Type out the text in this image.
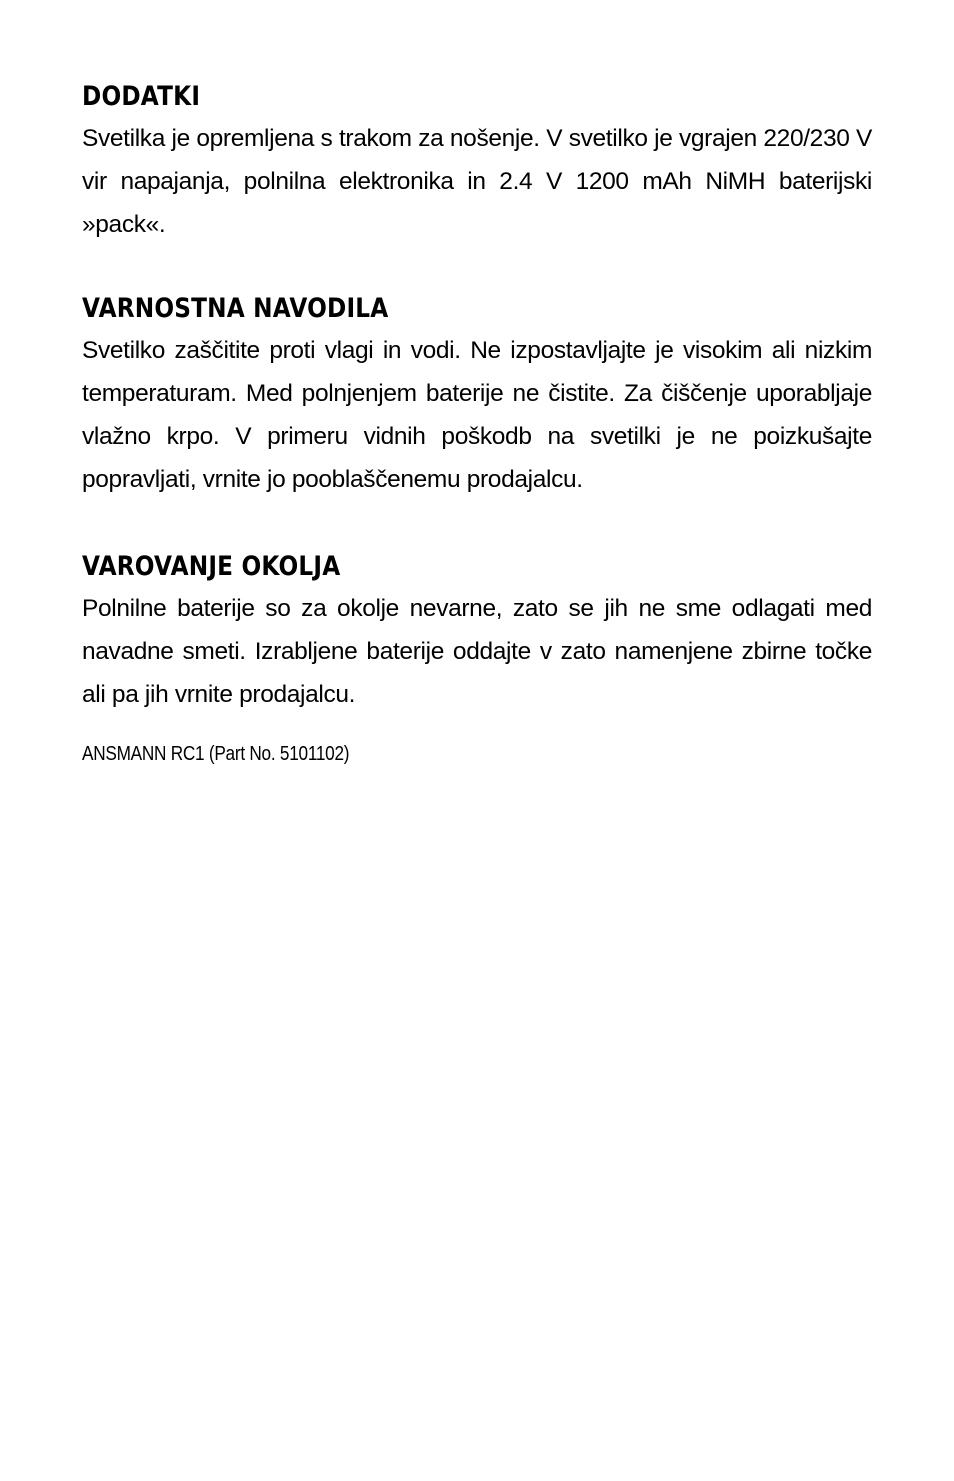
DODATKI

Svetilka je opremljena s trakom za nošenje. V svetilko je vgrajen 220/230 V vir napajanja, polnilna elektronika in 2.4 V 1200 mAh NiMH baterijski »pack«.

VARNOSTNA NAVODILA

Svetilko zaščitite proti vlagi in vodi. Ne izpostavljajte je visokim ali nizkim temperaturam. Med polnjenjem baterije ne čistite. Za čiščenje uporabljaje vlažno krpo. V primeru vidnih poškodb na svetilki je ne poizkušajte popravljati, vrnite jo pooblaščenemu prodajalcu.

VAROVANJE OKOLJA

Polnilne baterije so za okolje nevarne, zato se jih ne sme odlagati med navadne smeti. Izrabljene baterije oddajte v zato namenjene zbirne točke ali pa jih vrnite prodajalcu.

ANSMANN RC1 (Part No. 5101102)
